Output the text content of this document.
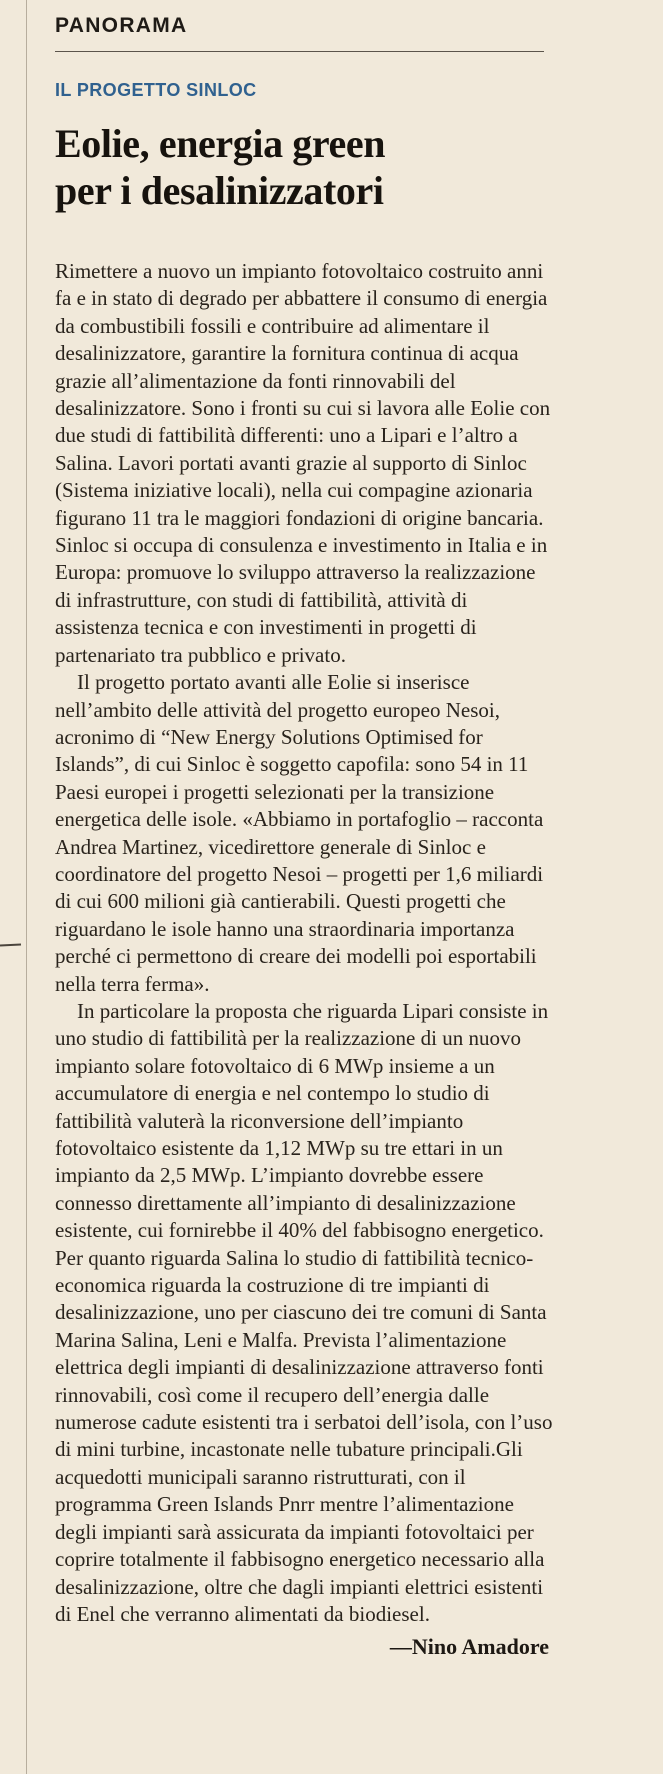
PANORAMA
IL PROGETTO SINLOC
Eolie, energia green
per i desalinizzatori

Rimettere a nuovo un impianto fotovoltaico costruito anni fa e in stato di degrado per abbattere il consumo di energia da combustibili fossili e contribuire ad alimentare il desalinizzatore, garantire la fornitura continua di acqua grazie all’alimentazione da fonti rinnovabili del desalinizzatore. Sono i fronti su cui si lavora alle Eolie con due studi di fattibilità differenti: uno a Lipari e l’altro a Salina. Lavori portati avanti grazie al supporto di Sinloc (Sistema iniziative locali), nella cui compagine azionaria figurano 11 tra le maggiori fondazioni di origine bancaria. Sinloc si occupa di consulenza e investimento in Italia e in Europa: promuove lo sviluppo attraverso la realizzazione di infrastrutture, con studi di fattibilità, attività di assistenza tecnica e con investimenti in progetti di partenariato tra pubblico e privato.

Il progetto portato avanti alle Eolie si inserisce nell’ambito delle attività del progetto europeo Nesoi, acronimo di “New Energy Solutions Optimised for Islands”, di cui Sinloc è soggetto capofila: sono 54 in 11 Paesi europei i progetti selezionati per la transizione energetica delle isole. «Abbiamo in portafoglio – racconta Andrea Martinez, vicedirettore generale di Sinloc e coordinatore del progetto Nesoi – progetti per 1,6 miliardi di cui 600 milioni già cantierabili. Questi progetti che riguardano le isole hanno una straordinaria importanza perché ci permettono di creare dei modelli poi esportabili nella terra ferma».

In particolare la proposta che riguarda Lipari consiste in uno studio di fattibilità per la realizzazione di un nuovo impianto solare fotovoltaico di 6 MWp insieme a un accumulatore di energia e nel contempo lo studio di fattibilità valuterà la riconversione dell’impianto fotovoltaico esistente da 1,12 MWp su tre ettari in un impianto da 2,5 MWp. L’impianto dovrebbe essere connesso direttamente all’impianto di desalinizzazione esistente, cui fornirebbe il 40% del fabbisogno energetico. Per quanto riguarda Salina lo studio di fattibilità tecnico-economica riguarda la costruzione di tre impianti di desalinizzazione, uno per ciascuno dei tre comuni di Santa Marina Salina, Leni e Malfa. Prevista l’alimentazione elettrica degli impianti di desalinizzazione attraverso fonti rinnovabili, così come il recupero dell’energia dalle numerose cadute esistenti tra i serbatoi dell’isola, con l’uso di mini turbine, incastonate nelle tubature principali.Gli acquedotti municipali saranno ristrutturati, con il programma Green Islands Pnrr mentre l’alimentazione degli impianti sarà assicurata da impianti fotovoltaici per coprire totalmente il fabbisogno energetico necessario alla desalinizzazione, oltre che dagli impianti elettrici esistenti di Enel che verranno alimentati da biodiesel.

—Nino Amadore
